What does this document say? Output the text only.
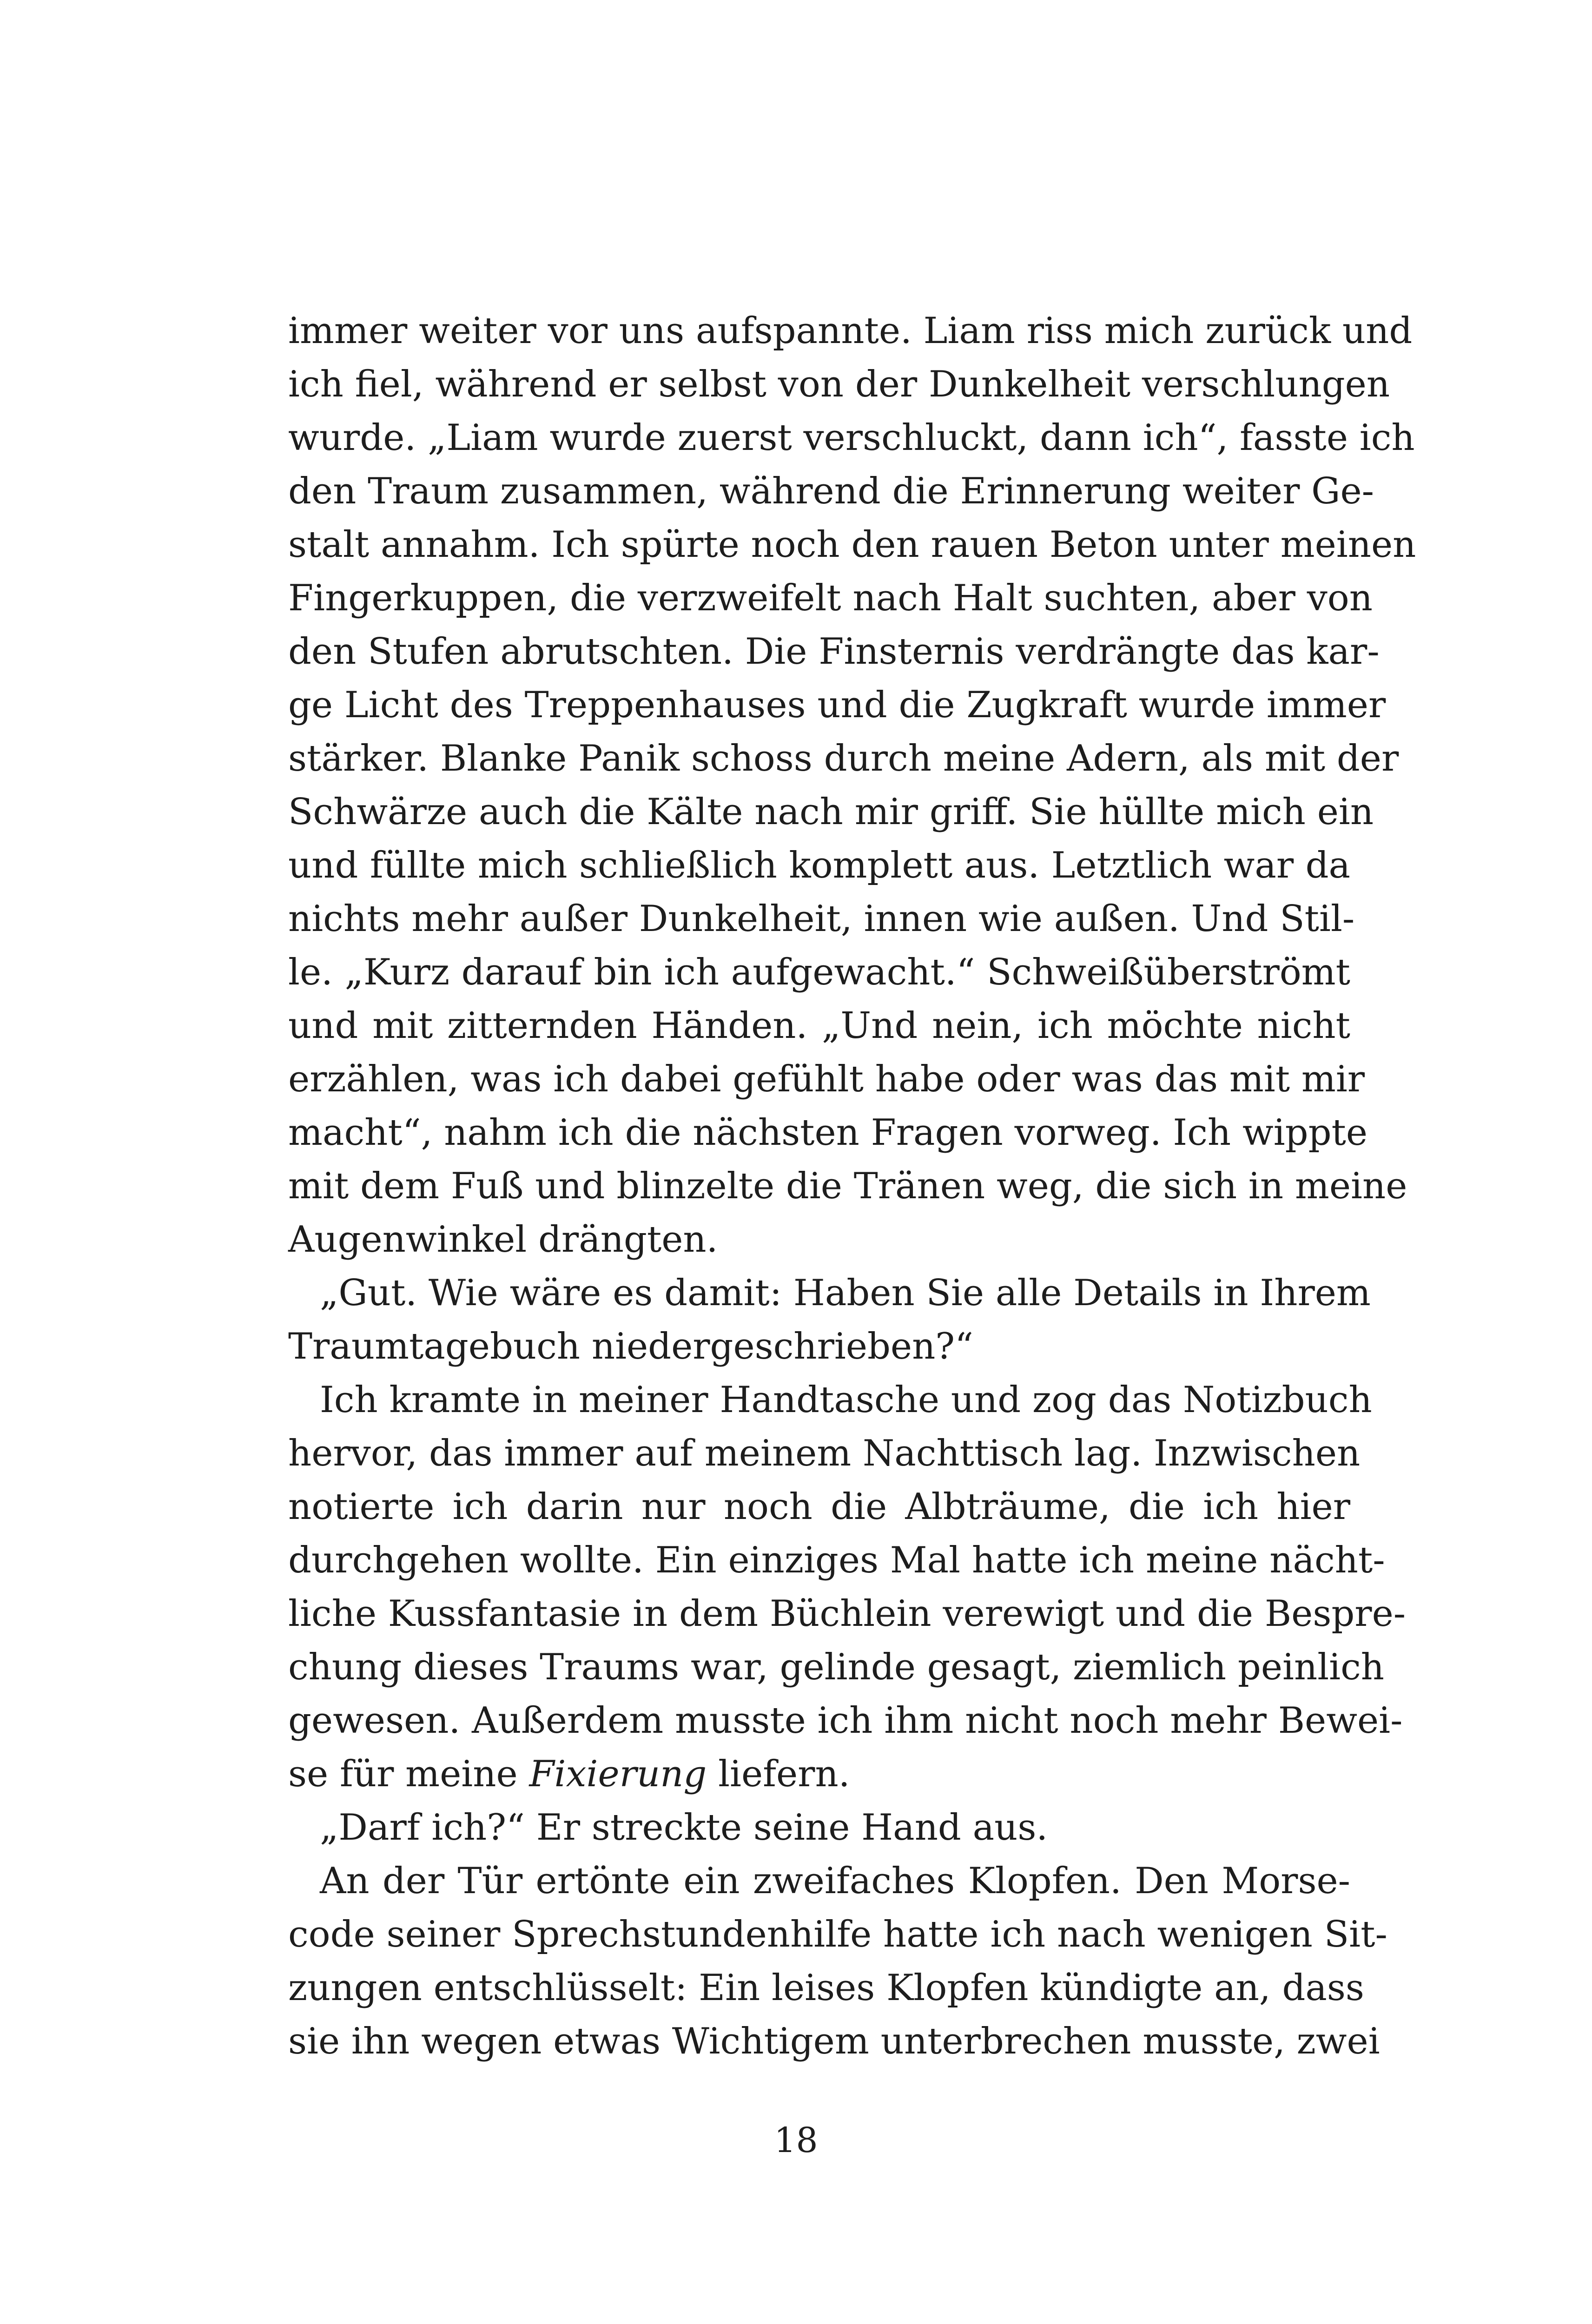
immer weiter vor uns aufspannte. Liam riss mich zurück und
ich fiel, während er selbst von der Dunkelheit verschlungen
wurde. „Liam wurde zuerst verschluckt, dann ich“, fasste ich
den Traum zusammen, während die Erinnerung weiter Ge-
stalt annahm. Ich spürte noch den rauen Beton unter meinen
Fingerkuppen, die verzweifelt nach Halt suchten, aber von
den Stufen abrutschten. Die Finsternis verdrängte das kar-
ge Licht des Treppenhauses und die Zugkraft wurde immer
stärker. Blanke Panik schoss durch meine Adern, als mit der
Schwärze auch die Kälte nach mir griff. Sie hüllte mich ein
und füllte mich schließlich komplett aus. Letztlich war da
nichts mehr außer Dunkelheit, innen wie außen. Und Stil-
le. „Kurz darauf bin ich aufgewacht.“ Schweißüberströmt
und mit zitternden Händen. „Und nein, ich möchte nicht
erzählen, was ich dabei gefühlt habe oder was das mit mir
macht“, nahm ich die nächsten Fragen vorweg. Ich wippte
mit dem Fuß und blinzelte die Tränen weg, die sich in meine
Augenwinkel drängten.
„Gut. Wie wäre es damit: Haben Sie alle Details in Ihrem
Traumtagebuch niedergeschrieben?“
Ich kramte in meiner Handtasche und zog das Notizbuch
hervor, das immer auf meinem Nachttisch lag. Inzwischen
notierte ich darin nur noch die Albträume, die ich hier
durchgehen wollte. Ein einziges Mal hatte ich meine nächt-
liche Kussfantasie in dem Büchlein verewigt und die Bespre-
chung dieses Traums war, gelinde gesagt, ziemlich peinlich
gewesen. Außerdem musste ich ihm nicht noch mehr Bewei-
se für meine Fixierung liefern.
„Darf ich?“ Er streckte seine Hand aus.
An der Tür ertönte ein zweifaches Klopfen. Den Morse-
code seiner Sprechstundenhilfe hatte ich nach wenigen Sit-
zungen entschlüsselt: Ein leises Klopfen kündigte an, dass
sie ihn wegen etwas Wichtigem unterbrechen musste, zwei
18
